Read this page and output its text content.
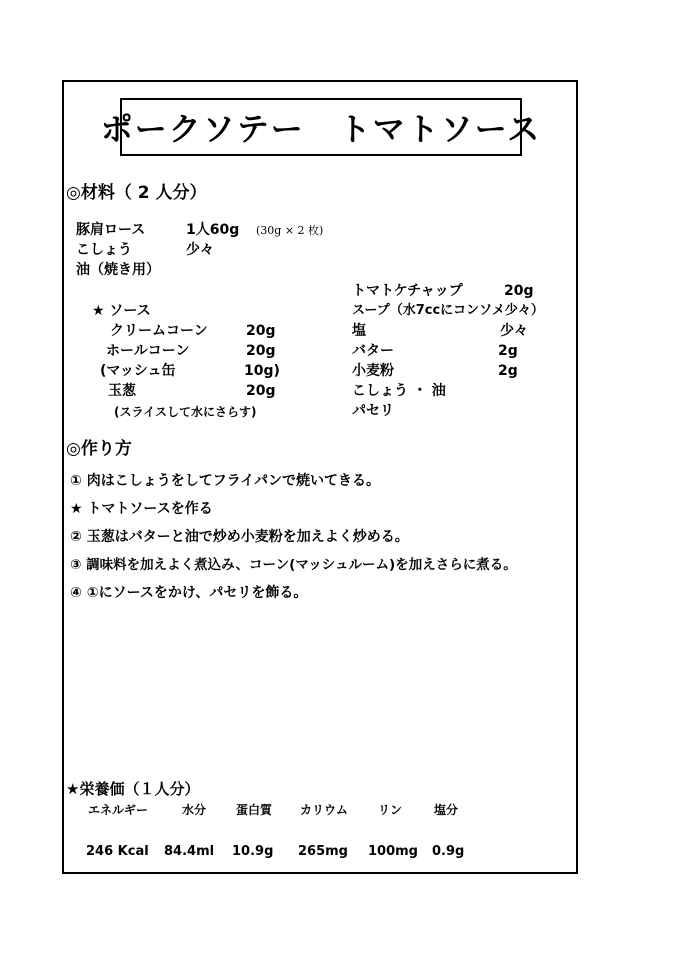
ポークソテー　トマトソース
◎材料（ 2 人分）
豚肩ロース	1人60g (30g × 2 枚)
こしょう	少々
油（焼き用）
★ ソース
クリームコーン	20g
ホールコーン	20g
(マッシュ缶	10g)
玉葱	20g
(スライスして水にさらす)
トマトケチャップ	20g
スープ（水7ccにコンソメ少々）
塩	少々
バター	2g
小麦粉	2g
こしょう ・ 油
パセリ
◎作り方
① 肉はこしょうをしてフライパンで焼いてきる。
★ トマトソースを作る
② 玉葱はバターと油で炒め小麦粉を加えよく炒める。
③ 調味料を加えよく煮込み、コーン(マッシュルーム)を加えさらに煮る。
④ ①にソースをかけ、パセリを飾る。
★栄養価（１人分）
エネルギー	水分 蛋白質 カリウム	リン	塩分
246 Kcal 84.4ml 10.9g 265mg 100mg 0.9g
